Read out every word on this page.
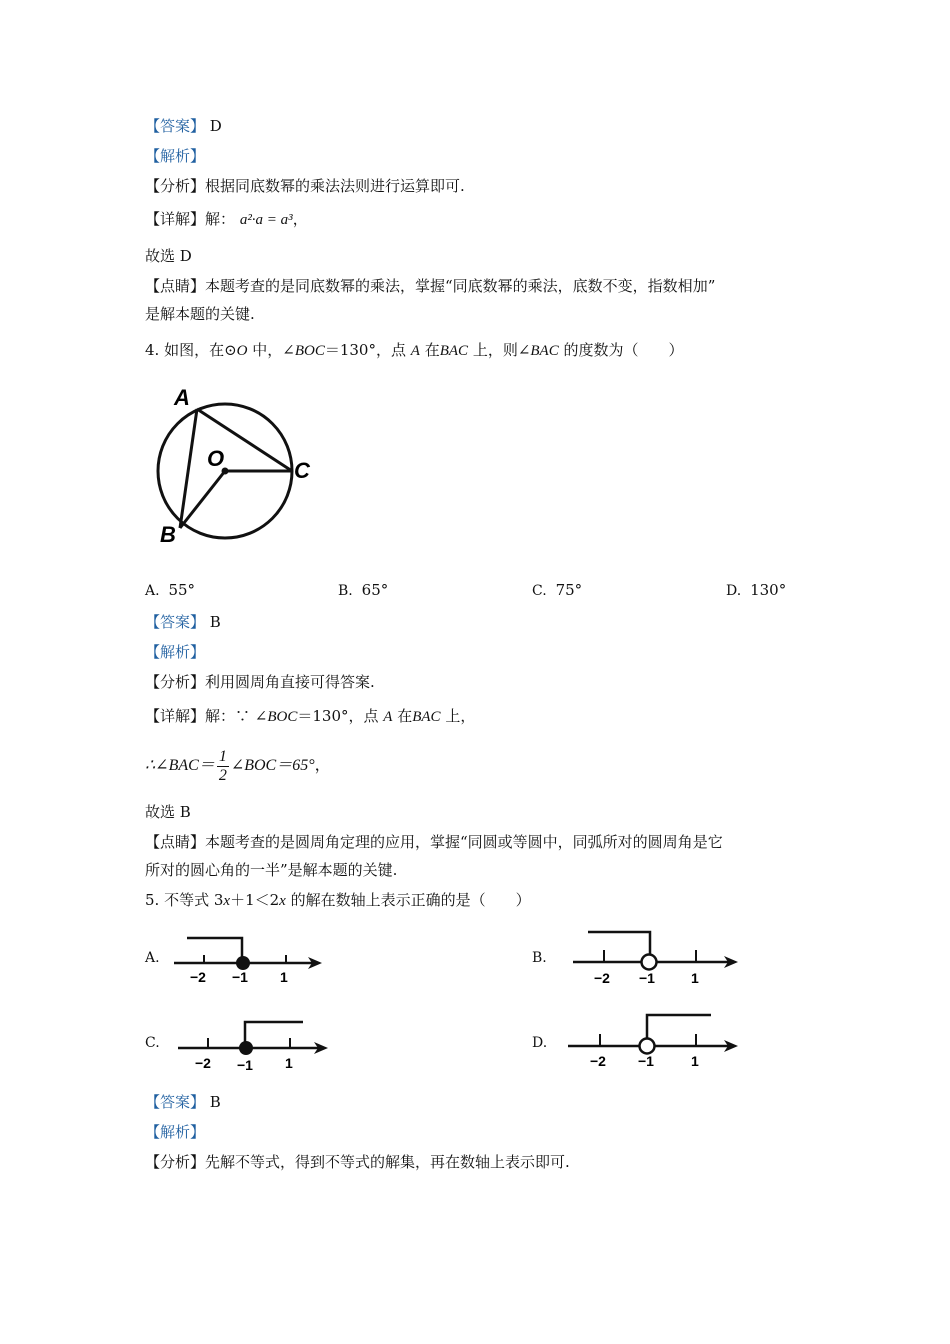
【答案】 D
【解析】
【分析】根据同底数幂的乘法法则进行运算即可.
【详解】解： a²·a = a³，
故选 D
【点睛】本题考查的是同底数幂的乘法，掌握“同底数幂的乘法，底数不变，指数相加”
是解本题的关键.
4. 如图，在⊙O 中，∠BOC＝130°，点 A 在BAC 上，则∠BAC 的度数为（　　）
A
O	C
B
A. 55°	B. 65°	C. 75°	D. 130°
【答案】 B
【解析】
【分析】利用圆周角直接可得答案.
【详解】解：∵ ∠BOC＝130°，点 A 在BAC 上，
∴∠BAC＝ $\frac{1}{2}$ ∠BOC＝65°，
故选 B
【点睛】本题考查的是圆周角定理的应用，掌握“同圆或等圆中，同弧所对的圆周角是它
所对的圆心角的一半”是解本题的关键.
5. 不等式 3x＋1＜2x 的解在数轴上表示正确的是（　　）
A.
−2 −1 1
B.
−2 −1	1
C.
−2 −1 1
D.
−2 −1	1
【答案】 B
【解析】
【分析】先解不等式，得到不等式的解集，再在数轴上表示即可.
